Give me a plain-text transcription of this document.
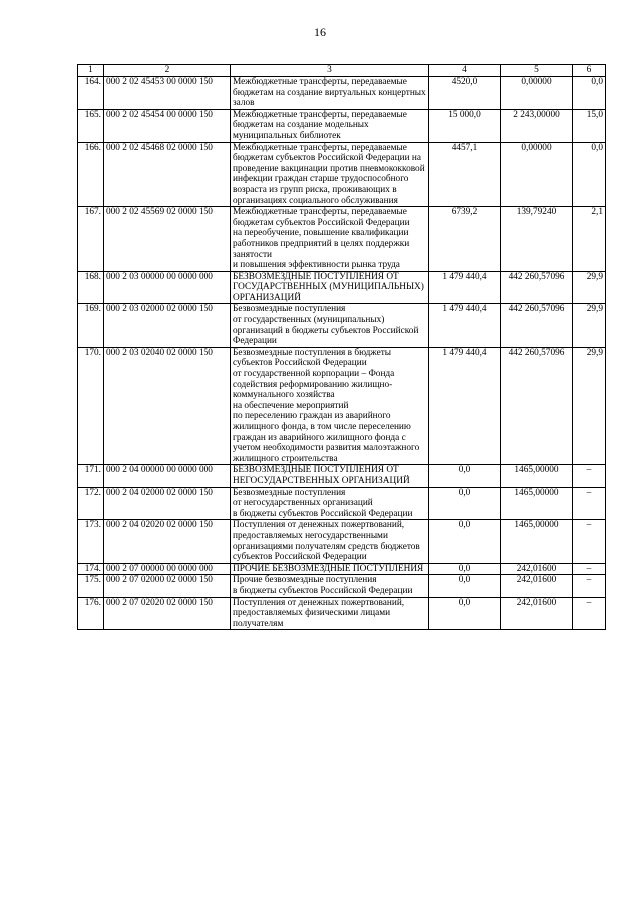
16
1	2	3	4	5	6
164.	000 2 02 45453 00 0000 150	Межбюджетные трансферты, передаваемые бюджетам на создание виртуальных концертных залов	4520,0	0,00000	0,0
165.	000 2 02 45454 00 0000 150	Межбюджетные трансферты, передаваемые бюджетам на создание модельных муниципальных библиотек	15 000,0	2 243,00000	15,0
166.	000 2 02 45468 02 0000 150	Межбюджетные трансферты, передаваемые бюджетам субъектов Российской Федерации на проведение вакцинации против пневмококковой инфекции граждан старше трудоспособного возраста из групп риска, проживающих в организациях социального обслуживания	4457,1	0,00000	0,0
167.	000 2 02 45569 02 0000 150	Межбюджетные трансферты, передаваемые бюджетам субъектов Российской Федерации
на переобучение, повышение квалификации работников предприятий в целях поддержки занятости
и повышения эффективности рынка труда	6739,2	139,79240	2,1
168.	000 2 03 00000 00 0000 000	БЕЗВОЗМЕЗДНЫЕ ПОСТУПЛЕНИЯ ОТ ГОСУДАРСТВЕННЫХ (МУНИЦИПАЛЬНЫХ) ОРГАНИЗАЦИЙ	1 479 440,4	442 260,57096	29,9
169.	000 2 03 02000 02 0000 150	Безвозмездные поступления
от государственных (муниципальных) организаций в бюджеты субъектов Российской Федерации	1 479 440,4	442 260,57096	29,9
170.	000 2 03 02040 02 0000 150	Безвозмездные поступления в бюджеты субъектов Российской Федерации
от государственной корпорации – Фонда содействия реформированию жилищно-коммунального хозяйства
на обеспечение мероприятий
по переселению граждан из аварийного жилищного фонда, в том числе переселению граждан из аварийного жилищного фонда с учетом необходимости развития малоэтажного жилищного строительства	1 479 440,4	442 260,57096	29,9
171.	000 2 04 00000 00 0000 000	БЕЗВОЗМЕЗДНЫЕ ПОСТУПЛЕНИЯ ОТ НЕГОСУДАРСТВЕННЫХ ОРГАНИЗАЦИЙ	0,0	1465,00000	–
172.	000 2 04 02000 02 0000 150	Безвозмездные поступления
от негосударственных организаций
в бюджеты субъектов Российской Федерации	0,0	1465,00000	–
173.	000 2 04 02020 02 0000 150	Поступления от денежных пожертвований, предоставляемых негосударственными организациями получателям средств бюджетов субъектов Российской Федерации	0,0	1465,00000	–
174.	000 2 07 00000 00 0000 000	ПРОЧИЕ БЕЗВОЗМЕЗДНЫЕ ПОСТУПЛЕНИЯ	0,0	242,01600	–
175.	000 2 07 02000 02 0000 150	Прочие безвозмездные поступления
в бюджеты субъектов Российской Федерации	0,0	242,01600	–
176.	000 2 07 02020 02 0000 150	Поступления от денежных пожертвований, предоставляемых физическими лицами получателям	0,0	242,01600	–
